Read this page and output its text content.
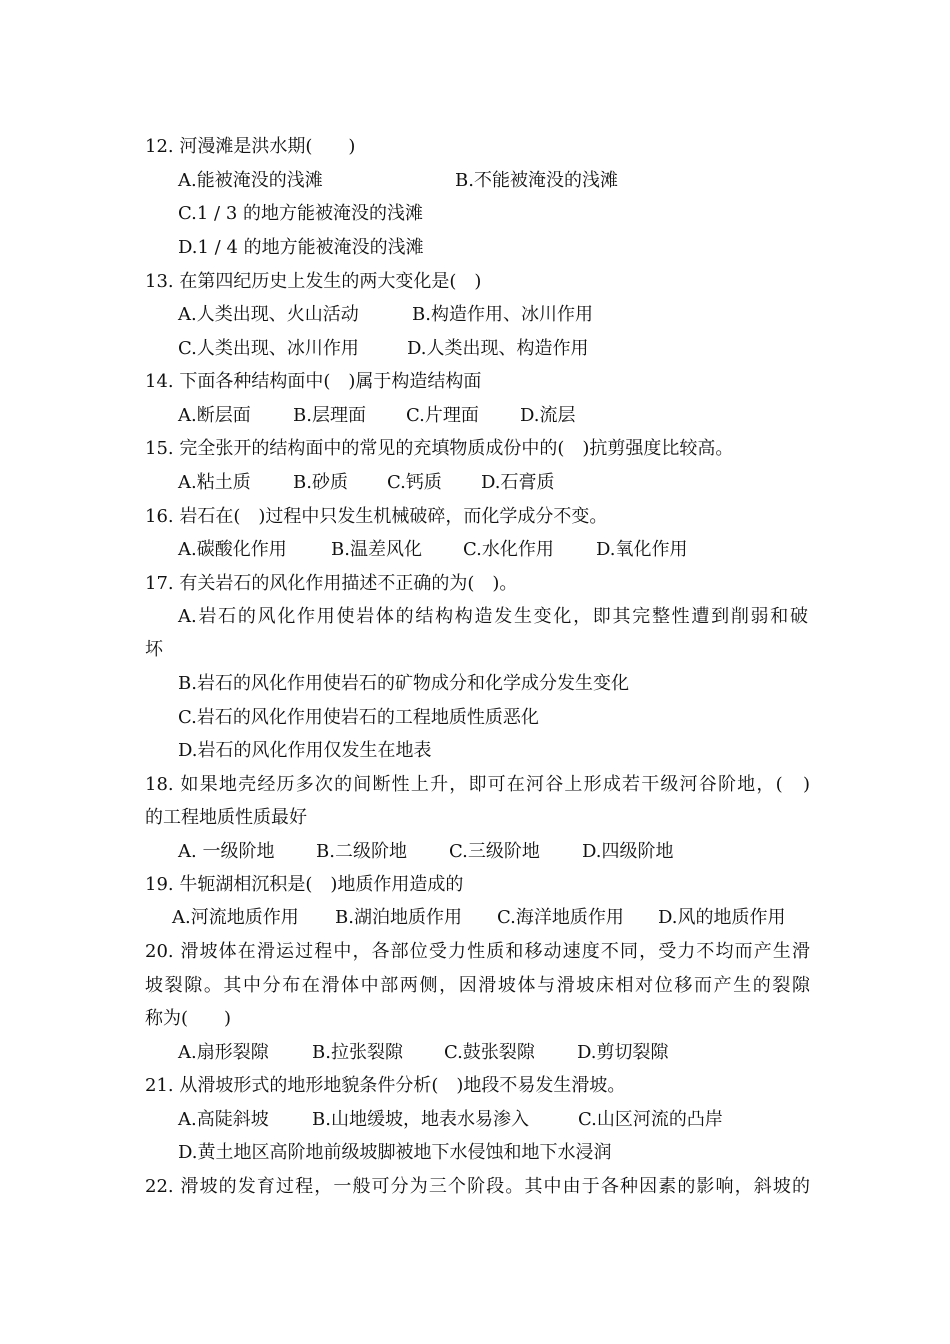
12. 河漫滩是洪水期(　　)
A.能被淹没的浅滩	B.不能被淹没的浅滩
C.1 / 3 的地方能被淹没的浅滩
D.1 / 4 的地方能被淹没的浅滩
13. 在第四纪历史上发生的两大变化是(　)
A.人类出现、火山活动	B.构造作用、冰川作用
C.人类出现、冰川作用	D.人类出现、构造作用
14. 下面各种结构面中(　)属于构造结构面
A.断层面 B.层理面 C.片理面 D.流层
15. 完全张开的结构面中的常见的充填物质成份中的(　)抗剪强度比较高。
A.粘土质 B.砂质 C.钙质 D.石膏质
16. 岩石在(　)过程中只发生机械破碎，而化学成分不变。
A.碳酸化作用 B.温差风化 C.水化作用 D.氧化作用
17. 有关岩石的风化作用描述不正确的为(　)。
A.岩石的风化作用使岩体的结构构造发生变化，即其完整性遭到削弱和破
坏
B.岩石的风化作用使岩石的矿物成分和化学成分发生变化
C.岩石的风化作用使岩石的工程地质性质恶化
D.岩石的风化作用仅发生在地表
18. 如果地壳经历多次的间断性上升，即可在河谷上形成若干级河谷阶地，(　)
的工程地质性质最好
A. 一级阶地 B.二级阶地 C.三级阶地 D.四级阶地
19. 牛轭湖相沉积是(　)地质作用造成的
A.河流地质作用 B.湖泊地质作用 C.海洋地质作用 D.风的地质作用
20. 滑坡体在滑运过程中，各部位受力性质和移动速度不同，受力不均而产生滑
坡裂隙。其中分布在滑体中部两侧，因滑坡体与滑坡床相对位移而产生的裂隙
称为(　　)
A.扇形裂隙 B.拉张裂隙 C.鼓张裂隙 D.剪切裂隙
21. 从滑坡形式的地形地貌条件分析(　)地段不易发生滑坡。
A.高陡斜坡 B.山地缓坡，地表水易渗入	C.山区河流的凸岸
D.黄土地区高阶地前级坡脚被地下水侵蚀和地下水浸润
22. 滑坡的发育过程，一般可分为三个阶段。其中由于各种因素的影响，斜坡的
